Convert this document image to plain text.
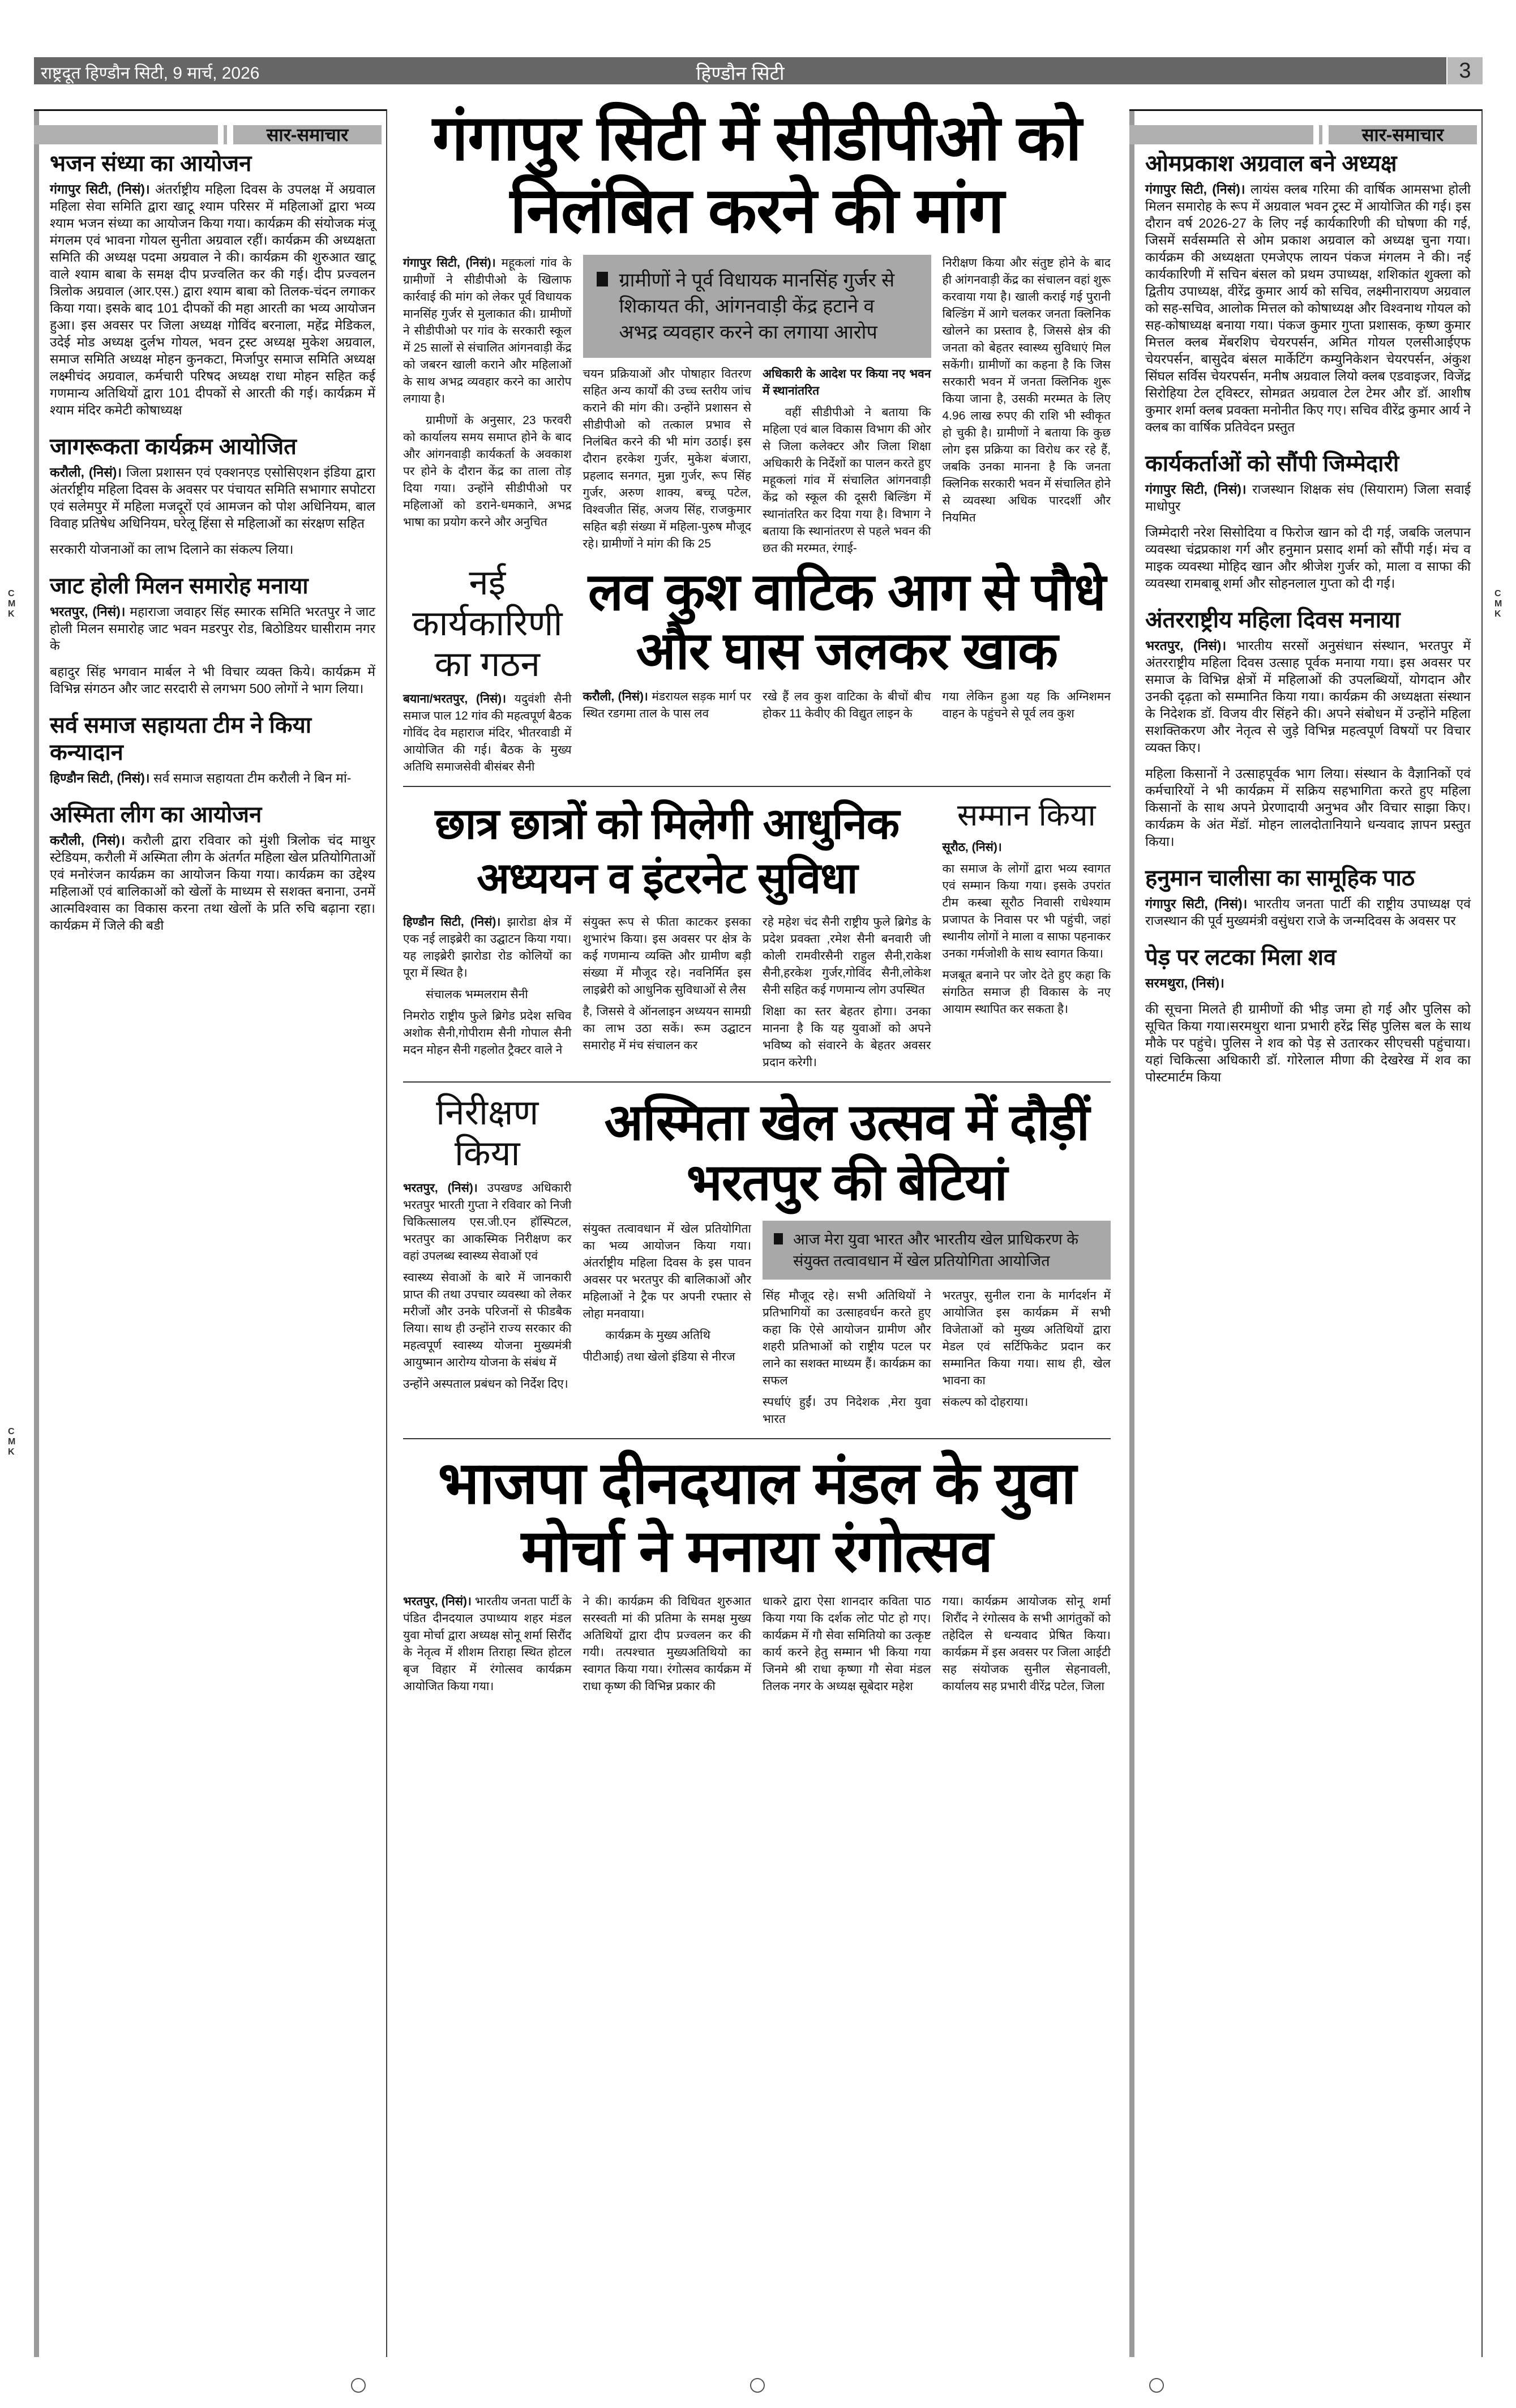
राष्ट्रदूत हिण्डौन सिटी, 9 मार्च, 2026	हिण्डौन सिटी	3
C
M
K
C
M
K
C
M
K
सार-समाचार
भजन संध्या का आयोजन

गंगापुर सिटी, (निसं)। अंतर्राष्ट्रीय महिला दिवस के उपलक्ष में अग्रवाल महिला सेवा समिति द्वारा खाटू श्याम परिसर में महिलाओं द्वारा भव्य श्याम भजन संध्या का आयोजन किया गया। कार्यक्रम की संयोजक मंजू मंगलम एवं भावना गोयल सुनीता अग्रवाल रहीं। कार्यक्रम की अध्यक्षता समिति की अध्यक्ष पदमा अग्रवाल ने की। कार्यक्रम की शुरुआत खाटू वाले श्याम बाबा के समक्ष दीप प्रज्वलित कर की गई। दीप प्रज्वलन त्रिलोक अग्रवाल (आर.एस.) द्वारा श्याम बाबा को तिलक-चंदन लगाकर किया गया। इसके बाद 101 दीपकों की महा आरती का भव्य आयोजन हुआ। इस अवसर पर जिला अध्यक्ष गोविंद बरनाला, महेंद्र मेडिकल, उदेई मोड अध्यक्ष दुर्लभ गोयल, भवन ट्रस्ट अध्यक्ष मुकेश अग्रवाल, समाज समिति अध्यक्ष मोहन कुनकटा, मिर्जापुर समाज समिति अध्यक्ष लक्ष्मीचंद अग्रवाल, कर्मचारी परिषद अध्यक्ष राधा मोहन सहित कई गणमान्य अतिथियों द्वारा 101 दीपकों से आरती की गई। कार्यक्रम में श्याम मंदिर कमेटी कोषाध्यक्ष

जागरूकता कार्यक्रम आयोजित

करौली, (निसं)। जिला प्रशासन एवं एक्शनएड एसोसिएशन इंडिया द्वारा अंतर्राष्ट्रीय महिला दिवस के अवसर पर पंचायत समिति सभागार सपोटरा एवं सलेमपुर में महिला मजदूरों एवं आमजन को पोश अधिनियम, बाल विवाह प्रतिषेध अधिनियम, घरेलू हिंसा से महिलाओं का संरक्षण सहित

सरकारी योजनाओं का लाभ दिलाने का संकल्प लिया।

जाट होली मिलन समारोह मनाया

भरतपुर, (निसं)। महाराजा जवाहर सिंह स्मारक समिति भरतपुर ने जाट होली मिलन समारोह जाट भवन मडरपुर रोड, बिठोडियर घासीराम नगर के

बहादुर सिंह भगवान मार्बल ने भी विचार व्यक्त किये। कार्यक्रम में विभिन्न संगठन और जाट सरदारी से लगभग 500 लोगों ने भाग लिया।

सर्व समाज सहायता टीम ने किया कन्यादान

हिण्डौन सिटी, (निसं)। सर्व समाज सहायता टीम करौली ने बिन मां-

अस्मिता लीग का आयोजन

करौली, (निसं)। करौली द्वारा रविवार को मुंशी त्रिलोक चंद माथुर स्टेडियम, करौली में अस्मिता लीग के अंतर्गत महिला खेल प्रतियोगिताओं एवं मनोरंजन कार्यक्रम का आयोजन किया गया। कार्यक्रम का उद्देश्य महिलाओं एवं बालिकाओं को खेलों के माध्यम से सशक्त बनाना, उनमें आत्मविश्वास का विकास करना तथा खेलों के प्रति रुचि बढ़ाना रहा। कार्यक्रम में जिले की बडी

सार-समाचार
ओमप्रकाश अग्रवाल बने अध्यक्ष

गंगापुर सिटी, (निसं)। लायंस क्लब गरिमा की वार्षिक आमसभा होली मिलन समारोह के रूप में अग्रवाल भवन ट्रस्ट में आयोजित की गई। इस दौरान वर्ष 2026-27 के लिए नई कार्यकारिणी की घोषणा की गई, जिसमें सर्वसम्मति से ओम प्रकाश अग्रवाल को अध्यक्ष चुना गया। कार्यक्रम की अध्यक्षता एमजेएफ लायन पंकज मंगलम ने की। नई कार्यकारिणी में सचिन बंसल को प्रथम उपाध्यक्ष, शशिकांत शुक्ला को द्वितीय उपाध्यक्ष, वीरेंद्र कुमार आर्य को सचिव, लक्ष्मीनारायण अग्रवाल को सह-सचिव, आलोक मित्तल को कोषाध्यक्ष और विश्वनाथ गोयल को सह-कोषाध्यक्ष बनाया गया। पंकज कुमार गुप्ता प्रशासक, कृष्ण कुमार मित्तल क्लब मेंबरशिप चेयरपर्सन, अमित गोयल एलसीआईएफ चेयरपर्सन, बासुदेव बंसल मार्केटिंग कम्युनिकेशन चेयरपर्सन, अंकुश सिंघल सर्विस चेयरपर्सन, मनीष अग्रवाल लियो क्लब एडवाइजर, विजेंद्र सिरोहिया टेल ट्विस्टर, सोमव्रत अग्रवाल टेल टेमर और डॉ. आशीष कुमार शर्मा क्लब प्रवक्ता मनोनीत किए गए। सचिव वीरेंद्र कुमार आर्य ने क्लब का वार्षिक प्रतिवेदन प्रस्तुत

कार्यकर्ताओं को सौंपी जिम्मेदारी

गंगापुर सिटी, (निसं)। राजस्थान शिक्षक संघ (सियाराम) जिला सवाई माधोपुर

जिम्मेदारी नरेश सिसोदिया व फिरोज खान को दी गई, जबकि जलपान व्यवस्था चंद्रप्रकाश गर्ग और हनुमान प्रसाद शर्मा को सौंपी गई। मंच व माइक व्यवस्था मोहिद खान और श्रीजेश गुर्जर को, माला व साफा की व्यवस्था रामबाबू शर्मा और सोहनलाल गुप्ता को दी गई।

अंतरराष्ट्रीय महिला दिवस मनाया

भरतपुर, (निसं)। भारतीय सरसों अनुसंधान संस्थान, भरतपुर में अंतरराष्ट्रीय महिला दिवस उत्साह पूर्वक मनाया गया। इस अवसर पर समाज के विभिन्न क्षेत्रों में महिलाओं की उपलब्धियों, योगदान और उनकी दृढ़ता को सम्मानित किया गया। कार्यक्रम की अध्यक्षता संस्थान के निदेशक डॉ. विजय वीर सिंहने की। अपने संबोधन में उन्होंने महिला सशक्तिकरण और नेतृत्व से जुड़े विभिन्न महत्वपूर्ण विषयों पर विचार व्यक्त किए।

महिला किसानों ने उत्साहपूर्वक भाग लिया। संस्थान के वैज्ञानिकों एवं कर्मचारियों ने भी कार्यक्रम में सक्रिय सहभागिता करते हुए महिला किसानों के साथ अपने प्रेरणादायी अनुभव और विचार साझा किए।कार्यक्रम के अंत मेंडॉ. मोहन लालदोतानियाने धन्यवाद ज्ञापन प्रस्तुत किया।

हनुमान चालीसा का सामूहिक पाठ

गंगापुर सिटी, (निसं)। भारतीय जनता पार्टी की राष्ट्रीय उपाध्यक्ष एवं राजस्थान की पूर्व मुख्यमंत्री वसुंधरा राजे के जन्मदिवस के अवसर पर

पेड़ पर लटका मिला शव

सरमथुरा, (निसं)।

की सूचना मिलते ही ग्रामीणों की भीड़ जमा हो गई और पुलिस को सूचित किया गया।सरमथुरा थाना प्रभारी हरेंद्र सिंह पुलिस बल के साथ मौके पर पहुंचे। पुलिस ने शव को पेड़ से उतारकर सीएचसी पहुंचाया। यहां चिकित्सा अधिकारी डॉ. गोरेलाल मीणा की देखरेख में शव का पोस्टमार्टम किया

गंगापुर सिटी में सीडीपीओ को निलंबित करने की मांग

गंगापुर सिटी, (निसं)। महूकलां गांव के ग्रामीणों ने सीडीपीओ के खिलाफ कार्रवाई की मांग को लेकर पूर्व विधायक मानसिंह गुर्जर से मुलाकात की। ग्रामीणों ने सीडीपीओ पर गांव के सरकारी स्कूल में 25 सालों से संचालित आंगनवाड़ी केंद्र को जबरन खाली कराने और महिलाओं के साथ अभद्र व्यवहार करने का आरोप लगाया है।

ग्रामीणों के अनुसार, 23 फरवरी को कार्यालय समय समाप्त होने के बाद और आंगनवाड़ी कार्यकर्ता के अवकाश पर होने के दौरान केंद्र का ताला तोड़ दिया गया। उन्होंने सीडीपीओ पर महिलाओं को डराने-धमकाने, अभद्र भाषा का प्रयोग करने और अनुचित

ग्रामीणों ने पूर्व विधायक मानसिंह गुर्जर से शिकायत की, आंगनवाड़ी केंद्र हटाने व अभद्र व्यवहार करने का लगाया आरोप

निरीक्षण किया और संतुष्ट होने के बाद ही आंगनवाड़ी केंद्र का संचालन वहां शुरू करवाया गया है। खाली कराई गई पुरानी बिल्डिंग में आगे चलकर जनता क्लिनिक खोलने का प्रस्ताव है, जिससे क्षेत्र की जनता को बेहतर स्वास्थ्य सुविधाएं मिल सकेंगी। ग्रामीणों का कहना है कि जिस सरकारी भवन में जनता क्लिनिक शुरू किया जाना है, उसकी मरम्मत के लिए 4.96 लाख रुपए की राशि भी स्वीकृत हो चुकी है। ग्रामीणों ने बताया कि कुछ लोग इस प्रक्रिया का विरोध कर रहे हैं, जबकि उनका मानना है कि जनता क्लिनिक सरकारी भवन में संचालित होने से व्यवस्था अधिक पारदर्शी और नियमित

चयन प्रक्रियाओं और पोषाहार वितरण सहित अन्य कार्यों की उच्च स्तरीय जांच कराने की मांग की। उन्होंने प्रशासन से सीडीपीओ को तत्काल प्रभाव से निलंबित करने की भी मांग उठाई। इस दौरान हरकेश गुर्जर, मुकेश बंजारा, प्रहलाद सनगत, मुन्ना गुर्जर, रूप सिंह गुर्जर, अरुण शाक्य, बच्चू पटेल, विश्वजीत सिंह, अजय सिंह, राजकुमार सहित बड़ी संख्या में महिला-पुरुष मौजूद रहे। ग्रामीणों ने मांग की कि 25

अधिकारी के आदेश पर किया नए भवन में स्थानांतरित

वहीं सीडीपीओ ने बताया कि महिला एवं बाल विकास विभाग की ओर से जिला कलेक्टर और जिला शिक्षा अधिकारी के निर्देशों का पालन करते हुए महूकलां गांव में संचालित आंगनवाड़ी केंद्र को स्कूल की दूसरी बिल्डिंग में स्थानांतरित कर दिया गया है। विभाग ने बताया कि स्थानांतरण से पहले भवन की छत की मरम्मत, रंगाई-

नई कार्यकारिणी का गठन

बयाना/भरतपुर, (निसं)। यदुवंशी सैनी समाज पाल 12 गांव की महत्वपूर्ण बैठक गोविंद देव महाराज मंदिर, भीतरवाडी में आयोजित की गई। बैठक के मुख्य अतिथि समाजसेवी बीसंबर सैनी

लव कुश वाटिक आग से पौधे और घास जलकर खाक

करौली, (निसं)। मंडरायल सड़क मार्ग पर स्थित रडगमा ताल के पास लव

रखे हैं लव कुश वाटिका के बीचों बीच होकर 11 केवीए की विद्युत लाइन के
गया लेकिन हुआ यह कि अग्निशमन वाहन के पहुंचने से पूर्व लव कुश
छात्र छात्रों को मिलेगी आधुनिक अध्ययन व इंटरनेट सुविधा

हिण्डौन सिटी, (निसं)। झारोडा क्षेत्र में एक नई लाइब्रेरी का उद्घाटन किया गया। यह लाइब्रेरी झारोडा रोड कोलियों का पूरा में स्थित है।

संचालक भम्मलराम सैनी

निमरोठ राष्ट्रीय फुले ब्रिगेड प्रदेश सचिव अशोक सैनी,गोपीराम सैनी गोपाल सैनी मदन मोहन सैनी गहलोत ट्रैक्टर वाले ने

संयुक्त रूप से फीता काटकर इसका शुभारंभ किया। इस अवसर पर क्षेत्र के कई गणमान्य व्यक्ति और ग्रामीण बड़ी संख्या में मौजूद रहे। नवनिर्मित इस लाइब्रेरी को आधुनिक सुविधाओं से लैस

है, जिससे वे ऑनलाइन अध्ययन सामग्री का लाभ उठा सकें। रूम उद्घाटन समारोह में मंच संचालन कर

रहे महेश चंद सैनी राष्ट्रीय फुले ब्रिगेड के प्रदेश प्रवक्ता ,रमेश सैनी बनवारी जी कोली रामवीरसैनी राहुल सैनी,राकेश सैनी,हरकेश गुर्जर,गोविंद सैनी,लोकेश सैनी सहित कई गणमान्य लोग उपस्थित

शिक्षा का स्तर बेहतर होगा। उनका मानना है कि यह युवाओं को अपने भविष्य को संवारने के बेहतर अवसर प्रदान करेगी।

सम्मान किया

सूरौठ, (निसं)।

का समाज के लोगों द्वारा भव्य स्वागत एवं सम्मान किया गया। इसके उपरांत टीम कस्बा सूरौठ निवासी राधेश्याम प्रजापत के निवास पर भी पहुंची, जहां स्थानीय लोगों ने माला व साफा पहनाकर उनका गर्मजोशी के साथ स्वागत किया।

मजबूत बनाने पर जोर देते हुए कहा कि संगठित समाज ही विकास के नए आयाम स्थापित कर सकता है।

निरीक्षण किया

भरतपुर, (निसं)। उपखण्ड अधिकारी भरतपुर भारती गुप्ता ने रविवार को निजी चिकित्सालय एस.जी.एन हॉस्पिटल, भरतपुर का आकस्मिक निरीक्षण कर वहां उपलब्ध स्वास्थ्य सेवाओं एवं

स्वास्थ्य सेवाओं के बारे में जानकारी प्राप्त की तथा उपचार व्यवस्था को लेकर मरीजों और उनके परिजनों से फीडबैक लिया। साथ ही उन्होंने राज्य सरकार की महत्वपूर्ण स्वास्थ्य योजना मुख्यमंत्री आयुष्मान आरोग्य योजना के संबंध में

उन्होंने अस्पताल प्रबंधन को निर्देश दिए।

अस्मिता खेल उत्सव में दौड़ीं भरतपुर की बेटियां

संयुक्त तत्वावधान में खेल प्रतियोगिता का भव्य आयोजन किया गया। अंतर्राष्ट्रीय महिला दिवस के इस पावन अवसर पर भरतपुर की बालिकाओं और महिलाओं ने ट्रैक पर अपनी रफ्तार से लोहा मनवाया।

कार्यक्रम के मुख्य अतिथि

पीटीआई) तथा खेलो इंडिया से नीरज

आज मेरा युवा भारत और भारतीय खेल प्राधिकरण के संयुक्त तत्वावधान में खेल प्रतियोगिता आयोजित

सिंह मौजूद रहे। सभी अतिथियों ने प्रतिभागियों का उत्साहवर्धन करते हुए कहा कि ऐसे आयोजन ग्रामीण और शहरी प्रतिभाओं को राष्ट्रीय पटल पर लाने का सशक्त माध्यम हैं। कार्यक्रम का सफल

स्पर्धाएं हुईं। उप निदेशक ,मेरा युवा भारत

भरतपुर, सुनील राना के मार्गदर्शन में आयोजित इस कार्यक्रम में सभी विजेताओं को मुख्य अतिथियों द्वारा मेडल एवं सर्टिफिकेट प्रदान कर सम्मानित किया गया। साथ ही, खेल भावना का

संकल्प को दोहराया।

भाजपा दीनदयाल मंडल के युवा मोर्चा ने मनाया रंगोत्सव

भरतपुर, (निसं)। भारतीय जनता पार्टी के पंडित दीनदयाल उपाध्याय शहर मंडल युवा मोर्चा द्वारा अध्यक्ष सोनू शर्मा सिरौंद के नेतृत्व में शीशम तिराहा स्थित होटल बृज विहार में रंगोत्सव कार्यक्रम आयोजित किया गया।

ने की। कार्यक्रम की विधिवत शुरुआत सरस्वती मां की प्रतिमा के समक्ष मुख्य अतिथियों द्वारा दीप प्रज्वलन कर की गयी। तत्पश्चात मुख्यअतिथियो का स्वागत किया गया। रंगोत्सव कार्यक्रम में राधा कृष्ण की विभिन्न प्रकार की
धाकरे द्वारा ऐसा शानदार कविता पाठ किया गया कि दर्शक लोट पोट हो गए। कार्यक्रम में गौ सेवा समितियो का उत्कृष्ट कार्य करने हेतु सम्मान भी किया गया जिनमे श्री राधा कृष्णा गौ सेवा मंडल तिलक नगर के अध्यक्ष सूबेदार महेश
गया। कार्यक्रम आयोजक सोनू शर्मा शिरौंद ने रंगोत्सव के सभी आगंतुकों को तहेदिल से धन्यवाद प्रेषित किया। कार्यक्रम में इस अवसर पर जिला आईटी सह संयोजक सुनील सेहनावली, कार्यालय सह प्रभारी वीरेंद्र पटेल, जिला
